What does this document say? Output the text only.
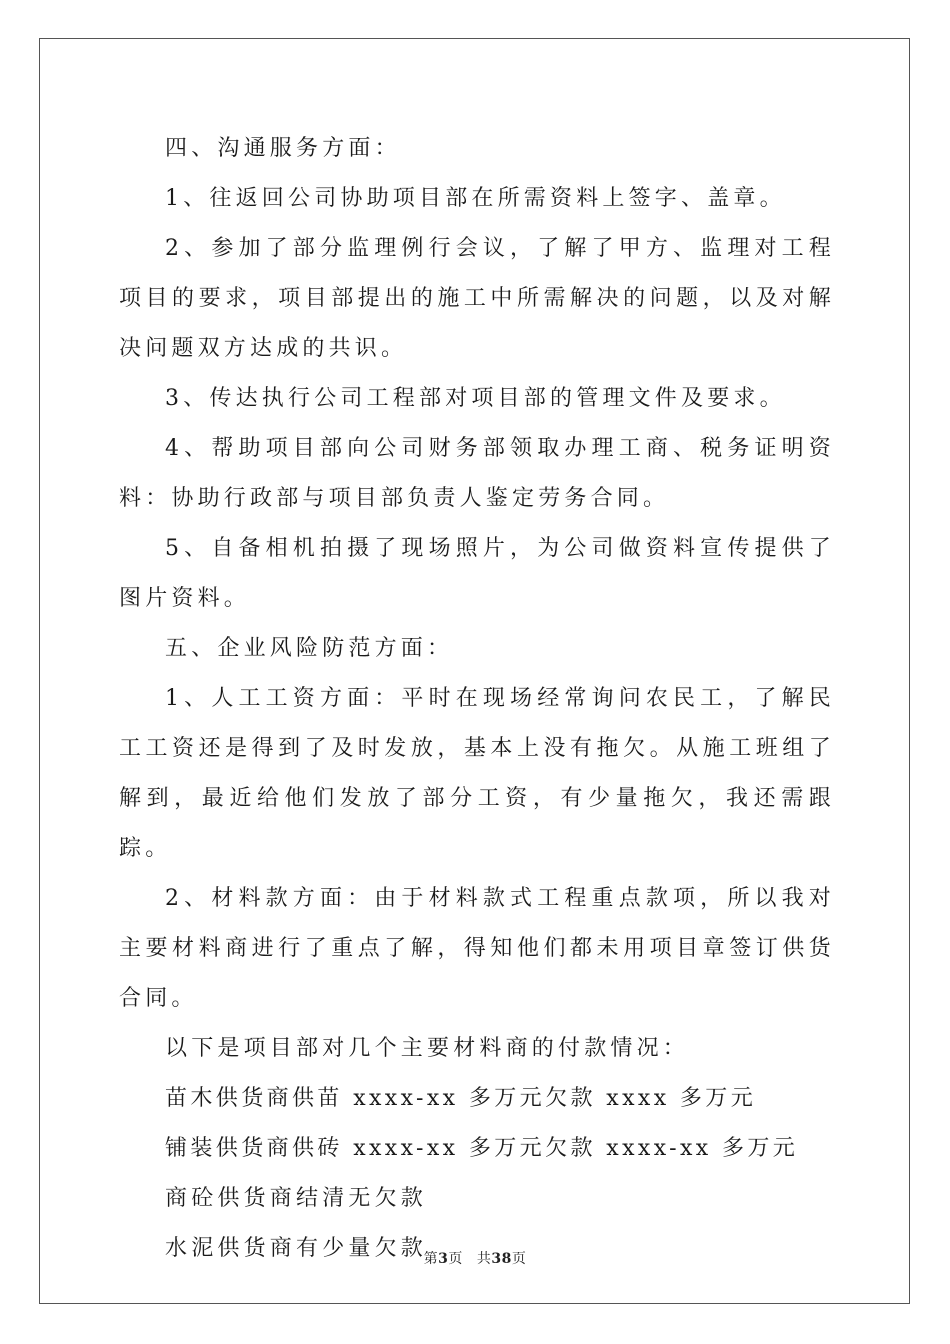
四、沟通服务方面：

1、往返回公司协助项目部在所需资料上签字、盖章。

2、参加了部分监理例行会议，了解了甲方、监理对工程项目的要求，项目部提出的施工中所需解决的问题，以及对解决问题双方达成的共识。

3、传达执行公司工程部对项目部的管理文件及要求。

4、帮助项目部向公司财务部领取办理工商、税务证明资料：协助行政部与项目部负责人鉴定劳务合同。

5、自备相机拍摄了现场照片，为公司做资料宣传提供了图片资料。

五、企业风险防范方面：

1、人工工资方面：平时在现场经常询问农民工，了解民工工资还是得到了及时发放，基本上没有拖欠。从施工班组了解到，最近给他们发放了部分工资，有少量拖欠，我还需跟踪。

2、材料款方面：由于材料款式工程重点款项，所以我对主要材料商进行了重点了解，得知他们都未用项目章签订供货合同。

以下是项目部对几个主要材料商的付款情况：

苗木供货商供苗 xxxx-xx 多万元欠款 xxxx 多万元

铺装供货商供砖 xxxx-xx 多万元欠款 xxxx-xx 多万元

商砼供货商结清无欠款

水泥供货商有少量欠款

第3页 共38页
